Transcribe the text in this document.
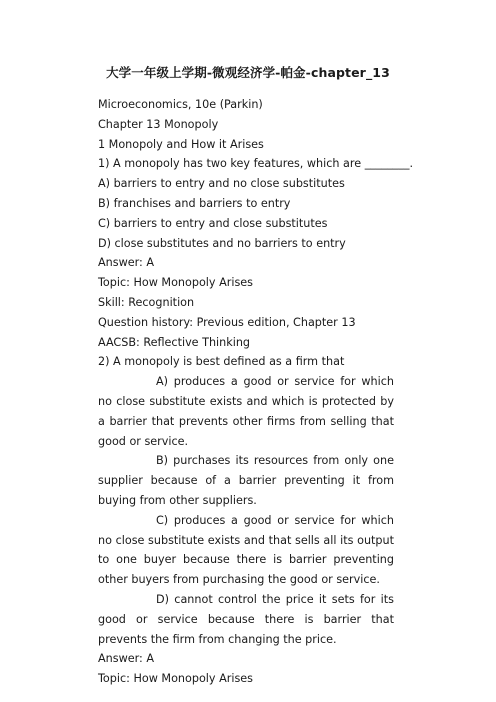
大学一年级上学期-微观经济学-帕金-chapter_13

Microeconomics, 10e (Parkin)

Chapter 13 Monopoly

1 Monopoly and How it Arises

1) A monopoly has two key features, which are ________.

A) barriers to entry and no close substitutes

B) franchises and barriers to entry

C) barriers to entry and close substitutes

D) close substitutes and no barriers to entry

Answer: A

Topic: How Monopoly Arises

Skill: Recognition

Question history: Previous edition, Chapter 13

AACSB: Reflective Thinking

2) A monopoly is best defined as a firm that

A) produces a good or service for which no close substitute exists and which is protected by a barrier that prevents other firms from selling that good or service.

B) purchases its resources from only one supplier because of a barrier preventing it from buying from other suppliers.

C) produces a good or service for which no close substitute exists and that sells all its output to one buyer because there is barrier preventing other buyers from purchasing the good or service.

D) cannot control the price it sets for its good or service because there is barrier that prevents the firm from changing the price.

Answer: A

Topic: How Monopoly Arises
